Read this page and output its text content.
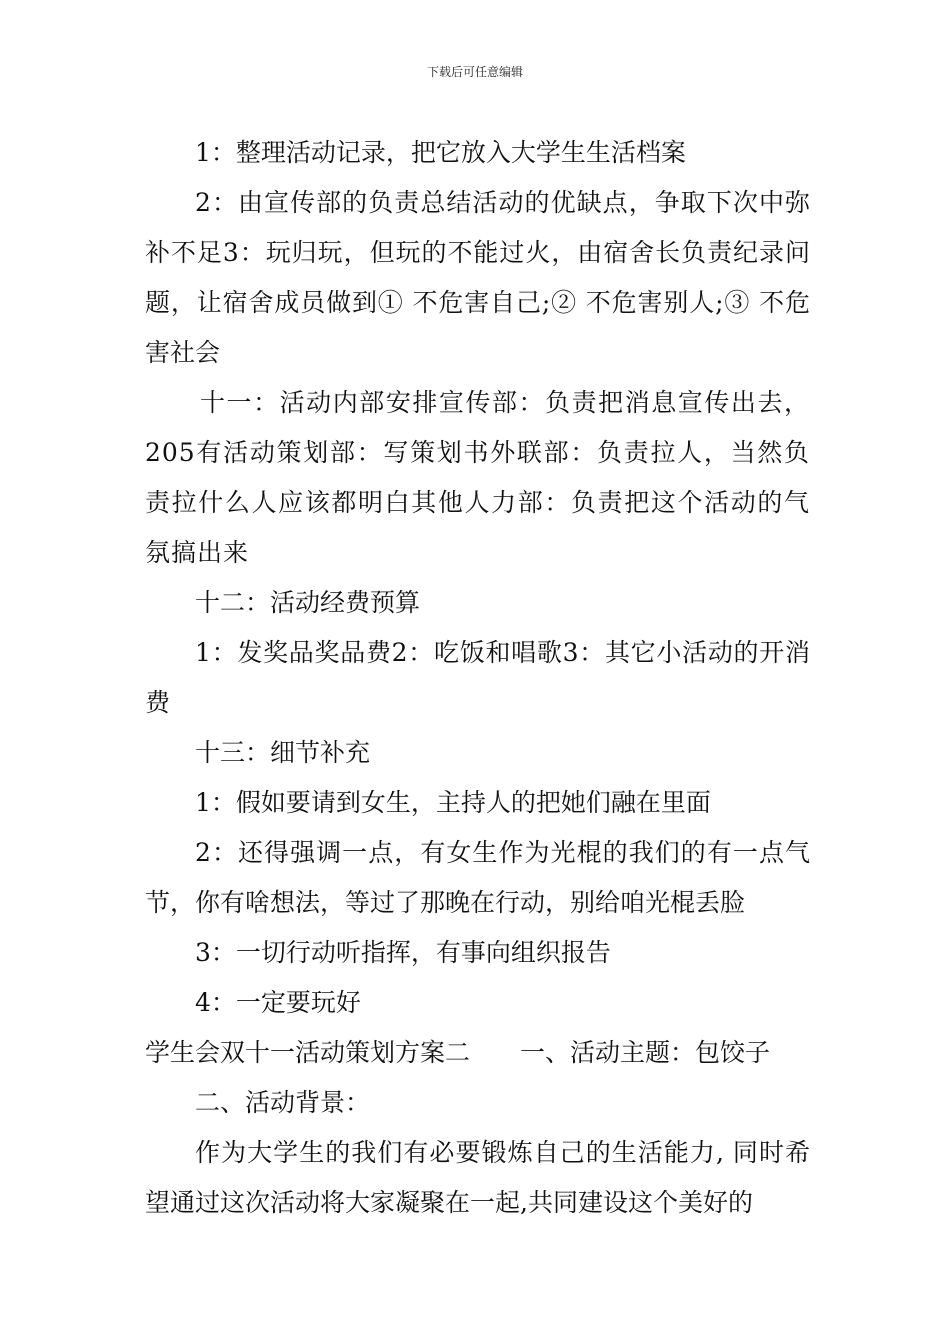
下载后可任意编辑

1：整理活动记录，把它放入大学生生活档案

2：由宣传部的负责总结活动的优缺点，争取下次中弥补不足3：玩归玩，但玩的不能过火，由宿舍长负责纪录问题，让宿舍成员做到① 不危害自己;② 不危害别人;③ 不危害社会

十一：活动内部安排宣传部：负责把消息宣传出去，205有活动策划部：写策划书外联部：负责拉人，当然负责拉什么人应该都明白其他人力部：负责把这个活动的气氛搞出来

十二：活动经费预算

1：发奖品奖品费2：吃饭和唱歌3：其它小活动的开消费

十三：细节补充

1：假如要请到女生，主持人的把她们融在里面

2：还得强调一点，有女生作为光棍的我们的有一点气节，你有啥想法，等过了那晚在行动，别给咱光棍丢脸

3：一切行动听指挥，有事向组织报告

4：一定要玩好

学生会双十一活动策划方案二　　一、活动主题：包饺子

二、活动背景：

作为大学生的我们有必要锻炼自己的生活能力, 同时希望通过这次活动将大家凝聚在一起,共同建设这个美好的
